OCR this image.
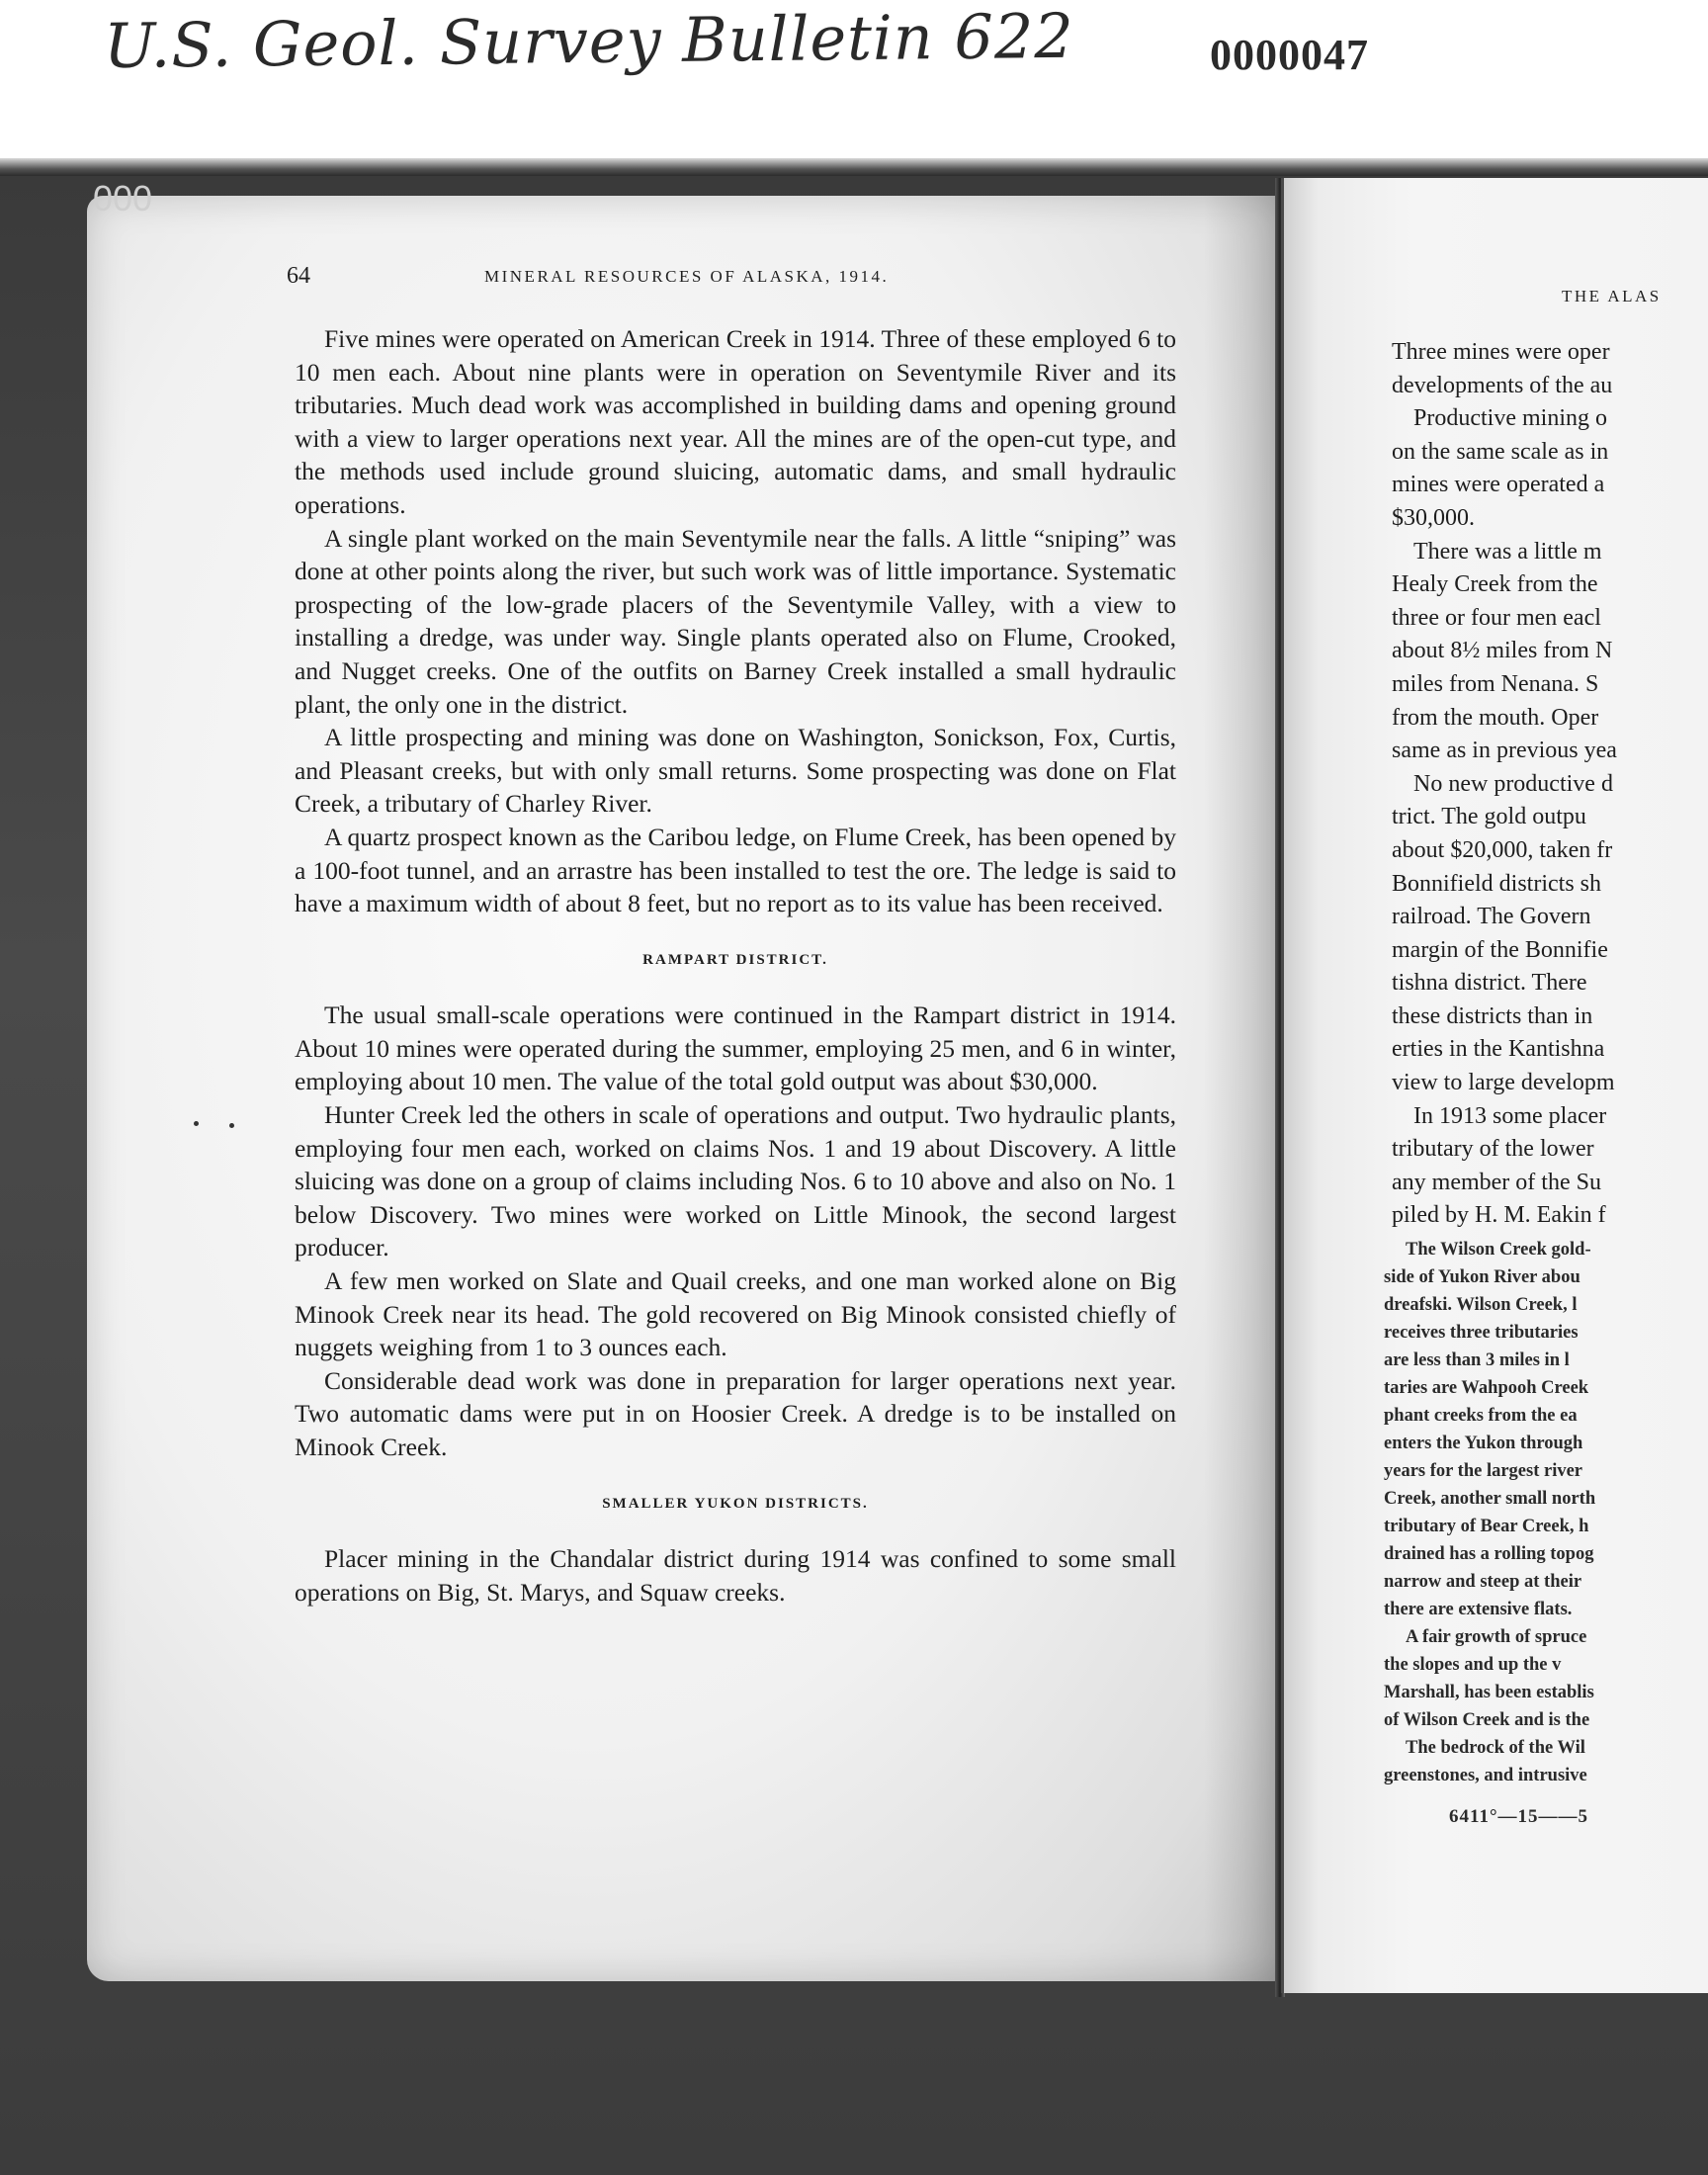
U.S. Geol. Survey Bulletin 622	0000047
000
64	MINERAL RESOURCES OF ALASKA, 1914.

Five mines were operated on American Creek in 1914. Three of these employed 6 to 10 men each. About nine plants were in operation on Seventymile River and its tributaries. Much dead work was accomplished in building dams and opening ground with a view to larger operations next year. All the mines are of the open-cut type, and the methods used include ground sluicing, automatic dams, and small hydraulic operations.

A single plant worked on the main Seventymile near the falls. A little “sniping” was done at other points along the river, but such work was of little importance. Systematic prospecting of the low-grade placers of the Seventymile Valley, with a view to installing a dredge, was under way. Single plants operated also on Flume, Crooked, and Nugget creeks. One of the outfits on Barney Creek installed a small hydraulic plant, the only one in the district.

A little prospecting and mining was done on Washington, Sonickson, Fox, Curtis, and Pleasant creeks, but with only small returns. Some prospecting was done on Flat Creek, a tributary of Charley River.

A quartz prospect known as the Caribou ledge, on Flume Creek, has been opened by a 100-foot tunnel, and an arrastre has been installed to test the ore. The ledge is said to have a maximum width of about 8 feet, but no report as to its value has been received.

RAMPART DISTRICT.

The usual small-scale operations were continued in the Rampart district in 1914. About 10 mines were operated during the summer, employing 25 men, and 6 in winter, employing about 10 men. The value of the total gold output was about $30,000.

Hunter Creek led the others in scale of operations and output. Two hydraulic plants, employing four men each, worked on claims Nos. 1 and 19 about Discovery. A little sluicing was done on a group of claims including Nos. 6 to 10 above and also on No. 1 below Discovery. Two mines were worked on Little Minook, the second largest producer.

A few men worked on Slate and Quail creeks, and one man worked alone on Big Minook Creek near its head. The gold recovered on Big Minook consisted chiefly of nuggets weighing from 1 to 3 ounces each.

Considerable dead work was done in preparation for larger operations next year. Two automatic dams were put in on Hoosier Creek. A dredge is to be installed on Minook Creek.

SMALLER YUKON DISTRICTS.

Placer mining in the Chandalar district during 1914 was confined to some small operations on Big, St. Marys, and Squaw creeks.

THE ALAS
Three mines were oper
developments of the au
Productive mining o
on the same scale as in
mines were operated a
$30,000.
There was a little m
Healy Creek from the
three or four men eacl
about 8½ miles from N
miles from Nenana. S
from the mouth. Oper
same as in previous yea
No new productive d
trict. The gold outpu
about $20,000, taken fr
Bonnifield districts sh
railroad. The Govern
margin of the Bonnifie
tishna district. There
these districts than in
erties in the Kantishna
view to large developm
In 1913 some placer
tributary of the lower
any member of the Su
piled by H. M. Eakin f
The Wilson Creek gold-
side of Yukon River abou
dreafski. Wilson Creek, l
receives three tributaries
are less than 3 miles in l
taries are Wahpooh Creek
phant creeks from the ea
enters the Yukon through
years for the largest river
Creek, another small north
tributary of Bear Creek, h
drained has a rolling topog
narrow and steep at their
there are extensive flats.
A fair growth of spruce
the slopes and up the v
Marshall, has been establis
of Wilson Creek and is the
The bedrock of the Wil
greenstones, and intrusive
6411°—15——5
